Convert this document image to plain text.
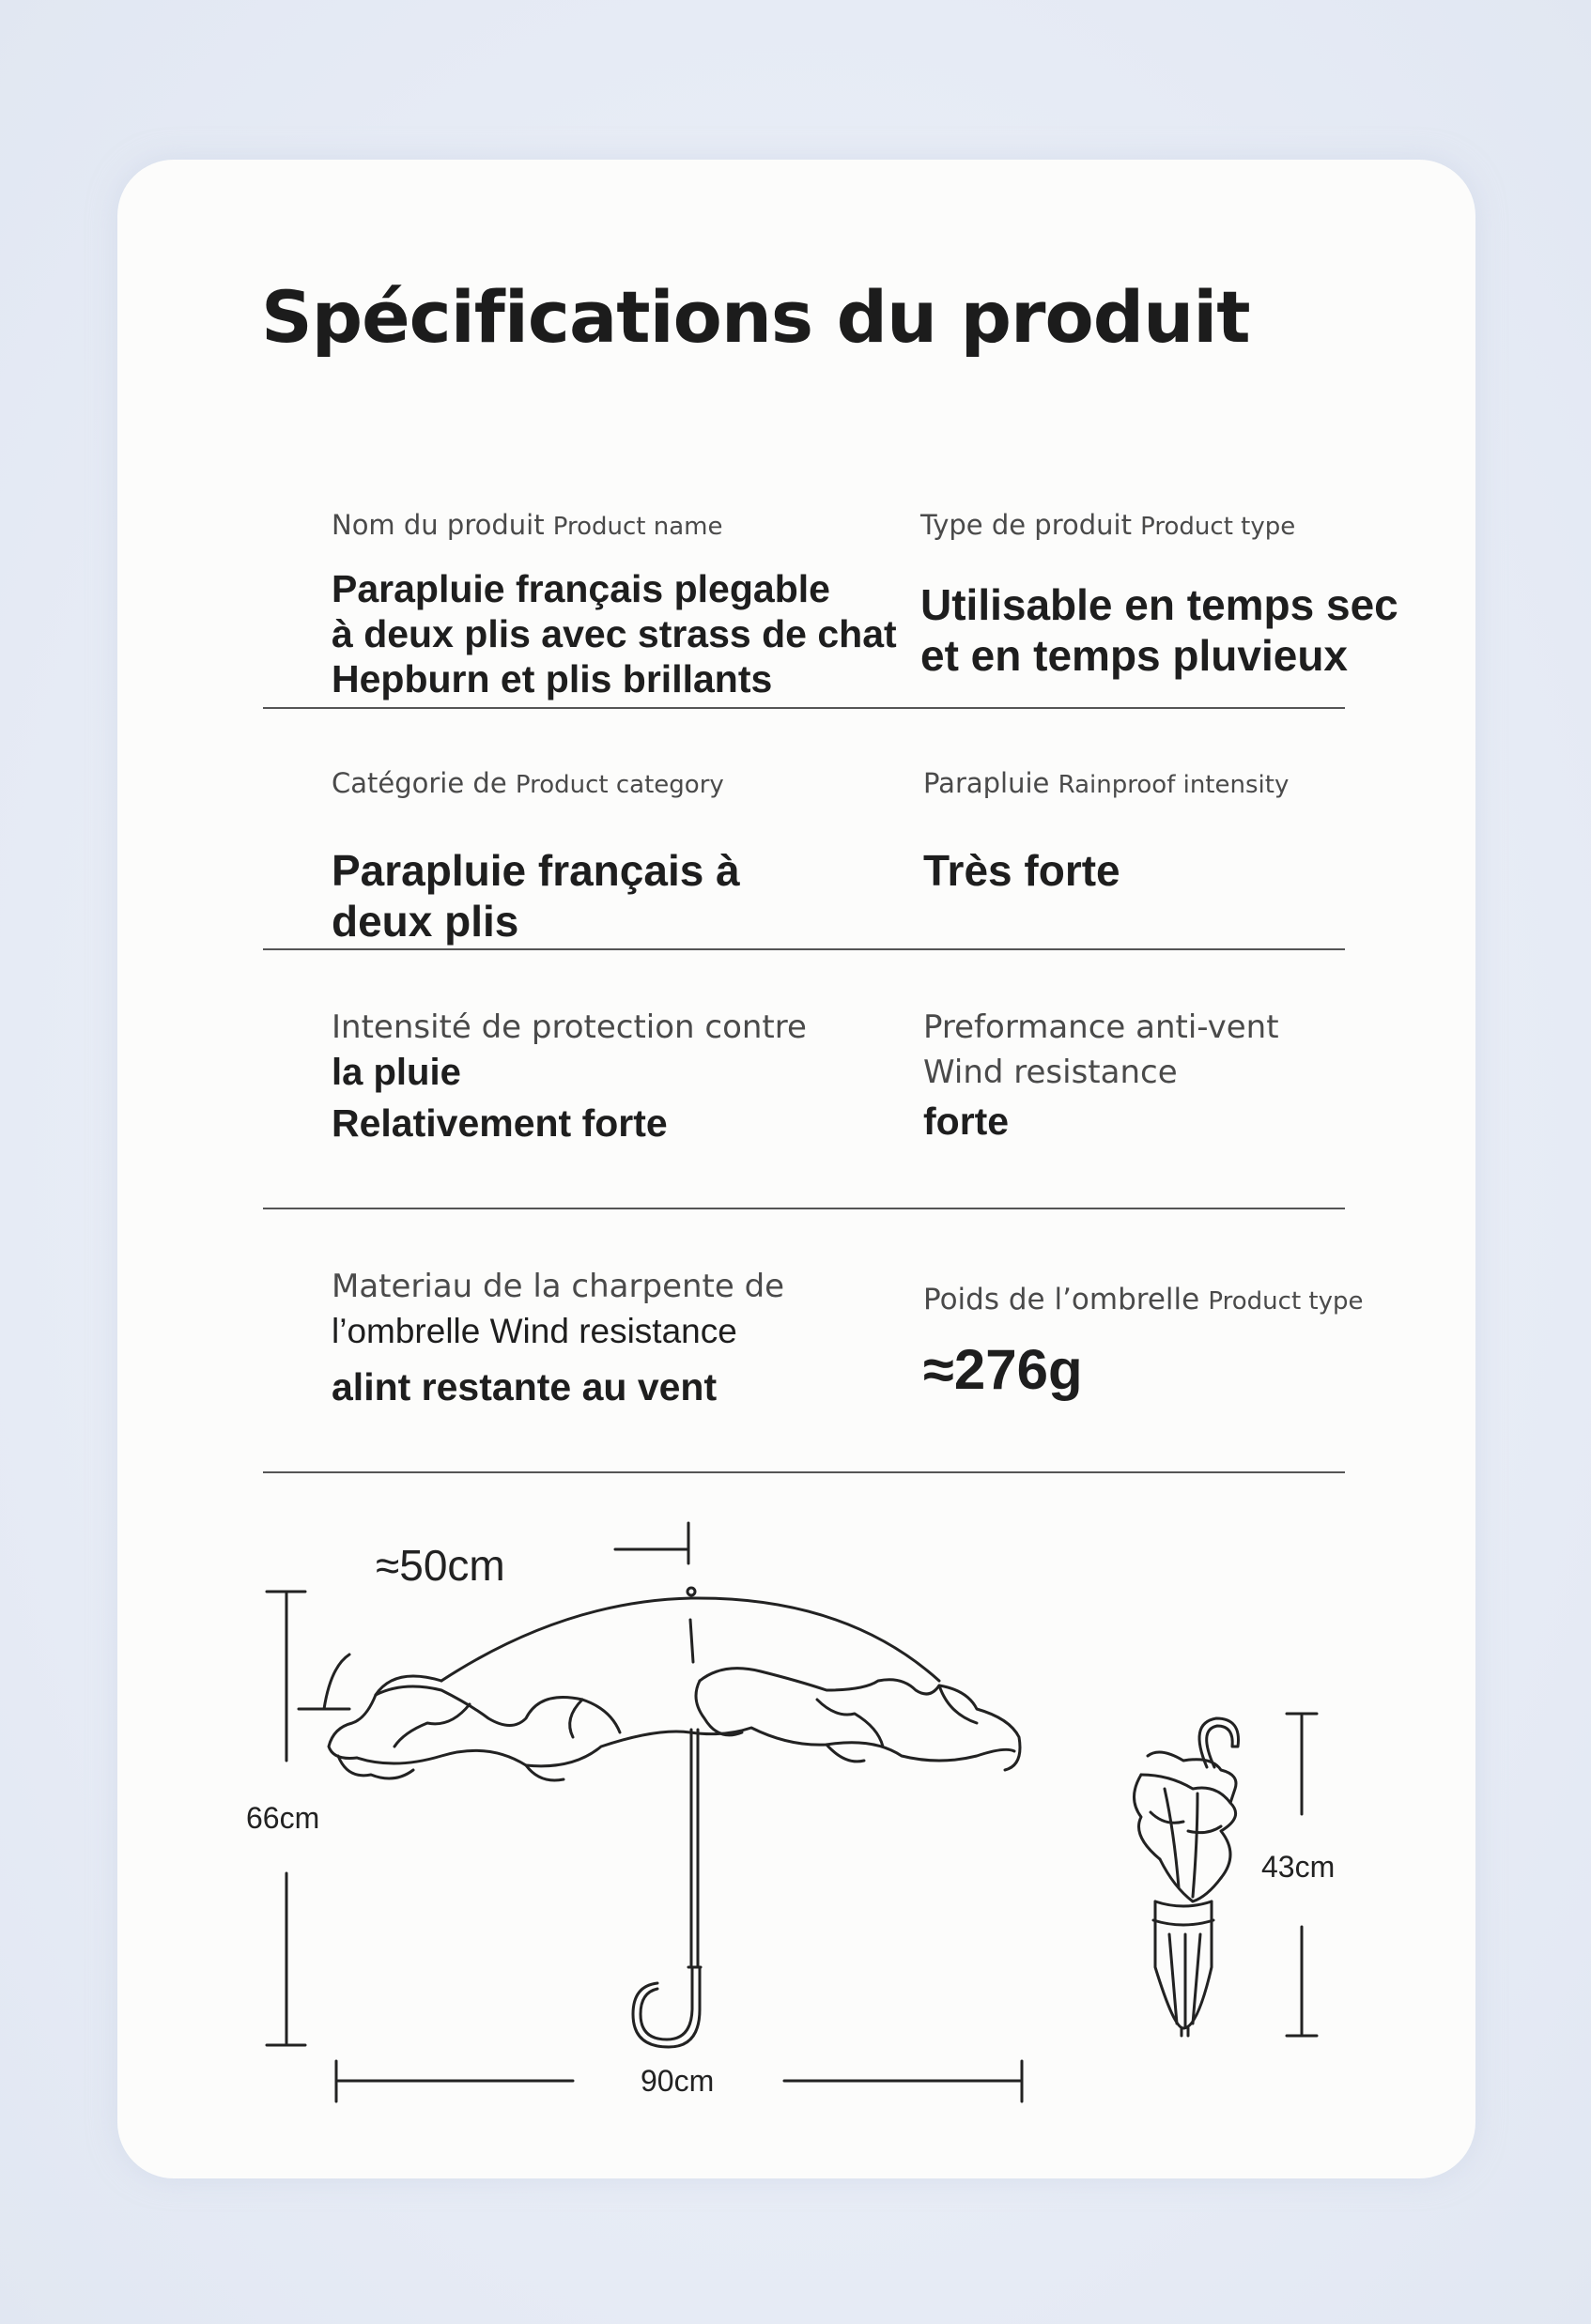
Spécifications du produit
Nom du produit Product name
Parapluie français plegable
à deux plis avec strass de chat
Hepburn et plis brillants
Type de produit Product type
Utilisable en temps sec
et en temps pluvieux
Catégorie de Product category
Parapluie français à
deux plis
Parapluie Rainproof intensity
Très forte
Intensité de protection contre
la pluie
Relativement forte
Preformance anti-vent
Wind resistance
forte
Materiau de la charpente de
l’ombrelle Wind resistance
alint restante au vent
Poids de l’ombrelle Product type
≈276g
≈50cm
66cm
90cm
43cm
